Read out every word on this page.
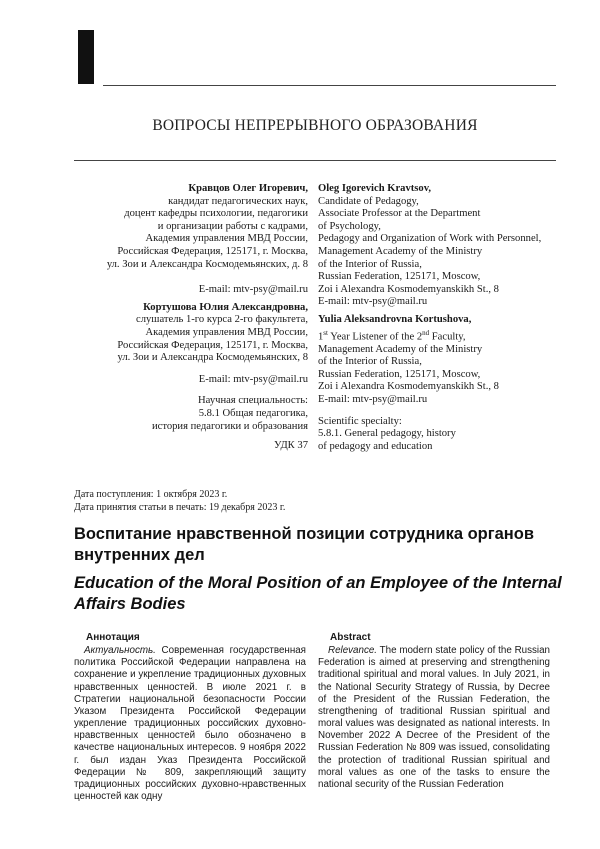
ВОПРОСЫ НЕПРЕРЫВНОГО ОБРАЗОВАНИЯ
Кравцов Олег Игоревич,
кандидат педагогических наук,
доцент кафедры психологии, педагогики
и организации работы с кадрами,
Академия управления МВД России,
Российская Федерация, 125171, г. Москва,
ул. Зои и Александра Космодемьянских, д. 8
E-mail: mtv-psy@mail.ru
Кортушова Юлия Александровна,
слушатель 1-го курса 2-го факультета,
Академия управления МВД России,
Российская Федерация, 125171, г. Москва,
ул. Зои и Александра Космодемьянских, 8
E-mail: mtv-psy@mail.ru
Научная специальность:
5.8.1 Общая педагогика,
история педагогики и образования
УДК 37
Oleg Igorevich Kravtsov,
Candidate of Pedagogy,
Associate Professor at the Department
of Psychology,
Pedagogy and Organization of Work with Personnel,
Management Academy of the Ministry
of the Interior of Russia,
Russian Federation, 125171, Moscow,
Zoi i Alexandra Kosmodemyanskikh St., 8
E-mail: mtv-psy@mail.ru
Yulia Aleksandrovna Kortushova,
1st Year Listener of the 2nd Faculty,
Management Academy of the Ministry
of the Interior of Russia,
Russian Federation, 125171, Moscow,
Zoi i Alexandra Kosmodemyanskikh St., 8
E-mail: mtv-psy@mail.ru
Scientific specialty:
5.8.1. General pedagogy, history
of pedagogy and education
Дата поступления: 1 октября 2023 г.
Дата принятия статьи в печать: 19 декабря 2023 г.
Воспитание нравственной позиции сотрудника органов внутренних дел
Education of the Moral Position of an Employee of the Internal Affairs Bodies
Аннотация
Актуальность. Современная государственная политика Российской Федерации направлена на сохранение и укрепление традиционных духовных нравственных ценностей. В июле 2021 г. в Стратегии национальной безопасности России Указом Президента Российской Федерации укрепление традиционных российских духовно-нравственных ценностей было обозначено в качестве национальных интересов. 9 ноября 2022 г. был издан Указ Президента Российской Федерации № 809, закрепляющий защиту традиционных российских духовно-нравственных ценностей как одну
Abstract
Relevance. The modern state policy of the Russian Federation is aimed at preserving and strengthening traditional spiritual and moral values. In July 2021, in the National Security Strategy of Russia, by Decree of the President of the Russian Federation, the strengthening of traditional Russian spiritual and moral values was designated as national interests. In November 2022 A Decree of the President of the Russian Federation № 809 was issued, consolidating the protection of traditional Russian spiritual and moral values as one of the tasks to ensure the national security of the Russian Federation
